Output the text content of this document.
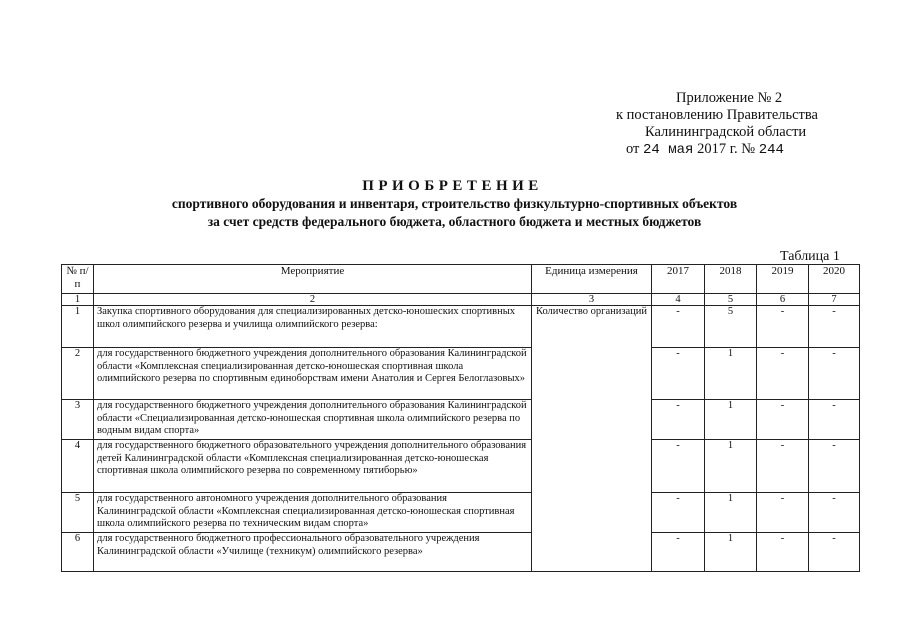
Приложение № 2
к постановлению Правительства
Калининградской области
от 24 мая 2017 г. № 244
ПРИОБРЕТЕНИЕ
спортивного оборудования и инвентаря, строительство физкультурно-спортивных объектов
за счет средств федерального бюджета, областного бюджета и местных бюджетов
Таблица 1
№ п/п	Мероприятие	Единица измерения	2017	2018	2019	2020
1	2	3	4	5	6	7
1	Закупка спортивного оборудования для специализированных детско-юношеских спортивных школ олимпийского резерва и училища олимпийского резерва:	Количество организаций	-	5	-	-
2	для государственного бюджетного учреждения дополнительного образования Калининградской области «Комплексная специализированная детско-юношеская спортивная школа олимпийского резерва по спортивным единоборствам имени Анатолия и Сергея Белоглазовых»		-	1	-	-
3	для государственного бюджетного учреждения дополнительного образования Калининградской области «Специализированная детско-юношеская спортивная школа олимпийского резерва по водным видам спорта»		-	1	-	-
4	для государственного бюджетного образовательного учреждения дополнительного образования детей Калининградской области «Комплексная специализированная детско-юношеская спортивная школа олимпийского резерва по современному пятиборью»		-	1	-	-
5	для государственного автономного учреждения дополнительного образования Калининградской области «Комплексная специализированная детско-юношеская спортивная школа олимпийского резерва по техническим видам спорта»		-	1	-	-
6	для государственного бюджетного профессионального образовательного учреждения Калининградской области «Училище (техникум) олимпийского резерва»		-	1	-	-
